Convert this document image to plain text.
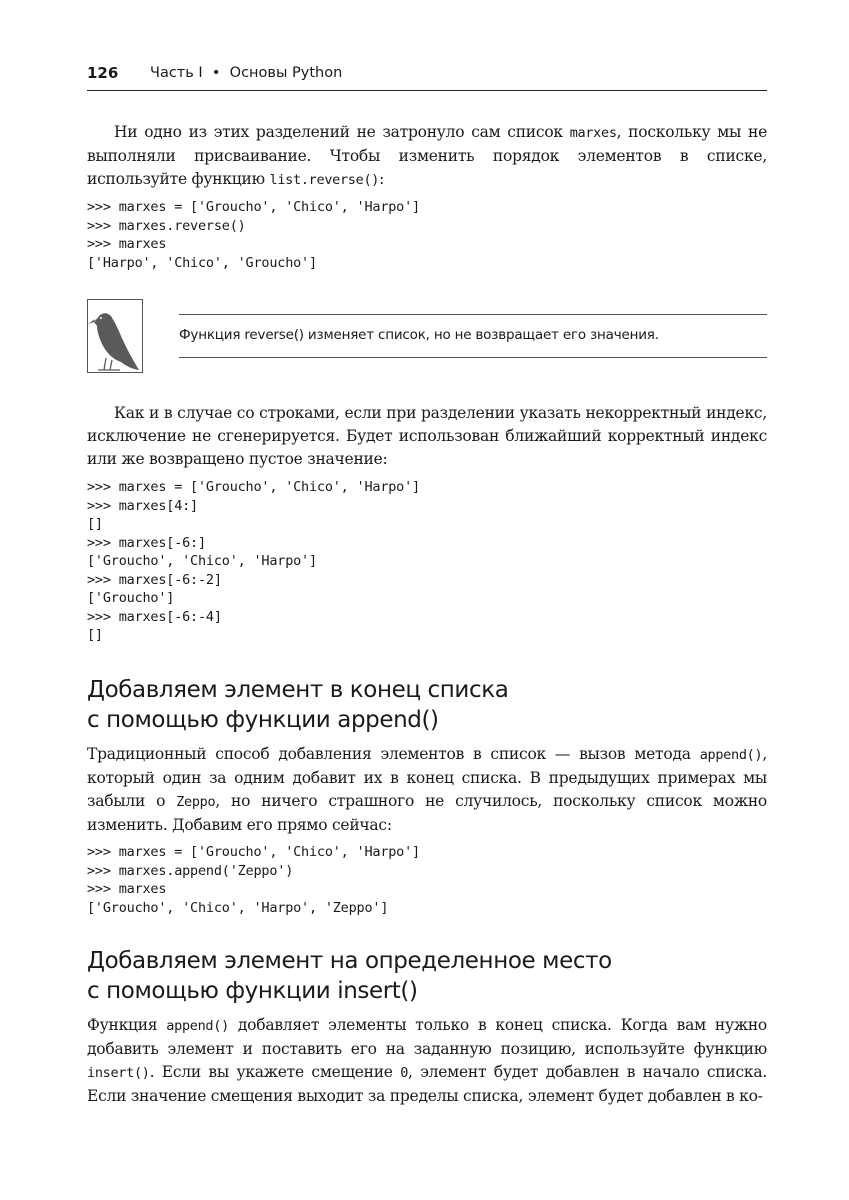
126 Часть I  •  Основы Python

Ни одно из этих разделений не затронуло сам список marxes, поскольку мы не выполняли присваивание. Чтобы изменить порядок элементов в списке, используйте функцию list.reverse():

>>> marxes = ['Groucho', 'Chico', 'Harpo']
>>> marxes.reverse()
>>> marxes
['Harpo', 'Chico', 'Groucho']
Функция reverse() изменяет список, но не возвращает его значения.

Как и в случае со строками, если при разделении указать некорректный индекс, исключение не сгенерируется. Будет использован ближайший корректный индекс или же возвращено пустое значение:

>>> marxes = ['Groucho', 'Chico', 'Harpo']
>>> marxes[4:]
[]
>>> marxes[-6:]
['Groucho', 'Chico', 'Harpo']
>>> marxes[-6:-2]
['Groucho']
>>> marxes[-6:-4]
[]
Добавляем элемент в конец списка
с помощью функции append()

Традиционный способ добавления элементов в список — вызов метода append(), который один за одним добавит их в конец списка. В предыдущих примерах мы забыли о Zeppo, но ничего страшного не случилось, поскольку список можно изменить. Добавим его прямо сейчас:

>>> marxes = ['Groucho', 'Chico', 'Harpo']
>>> marxes.append('Zeppo')
>>> marxes
['Groucho', 'Chico', 'Harpo', 'Zeppo']
Добавляем элемент на определенное место
с помощью функции insert()

Функция append() добавляет элементы только в конец списка. Когда вам нужно добавить элемент и поставить его на заданную позицию, используйте функцию insert(). Если вы укажете смещение 0, элемент будет добавлен в начало списка. Если значение смещения выходит за пределы списка, элемент будет добавлен в ко-
